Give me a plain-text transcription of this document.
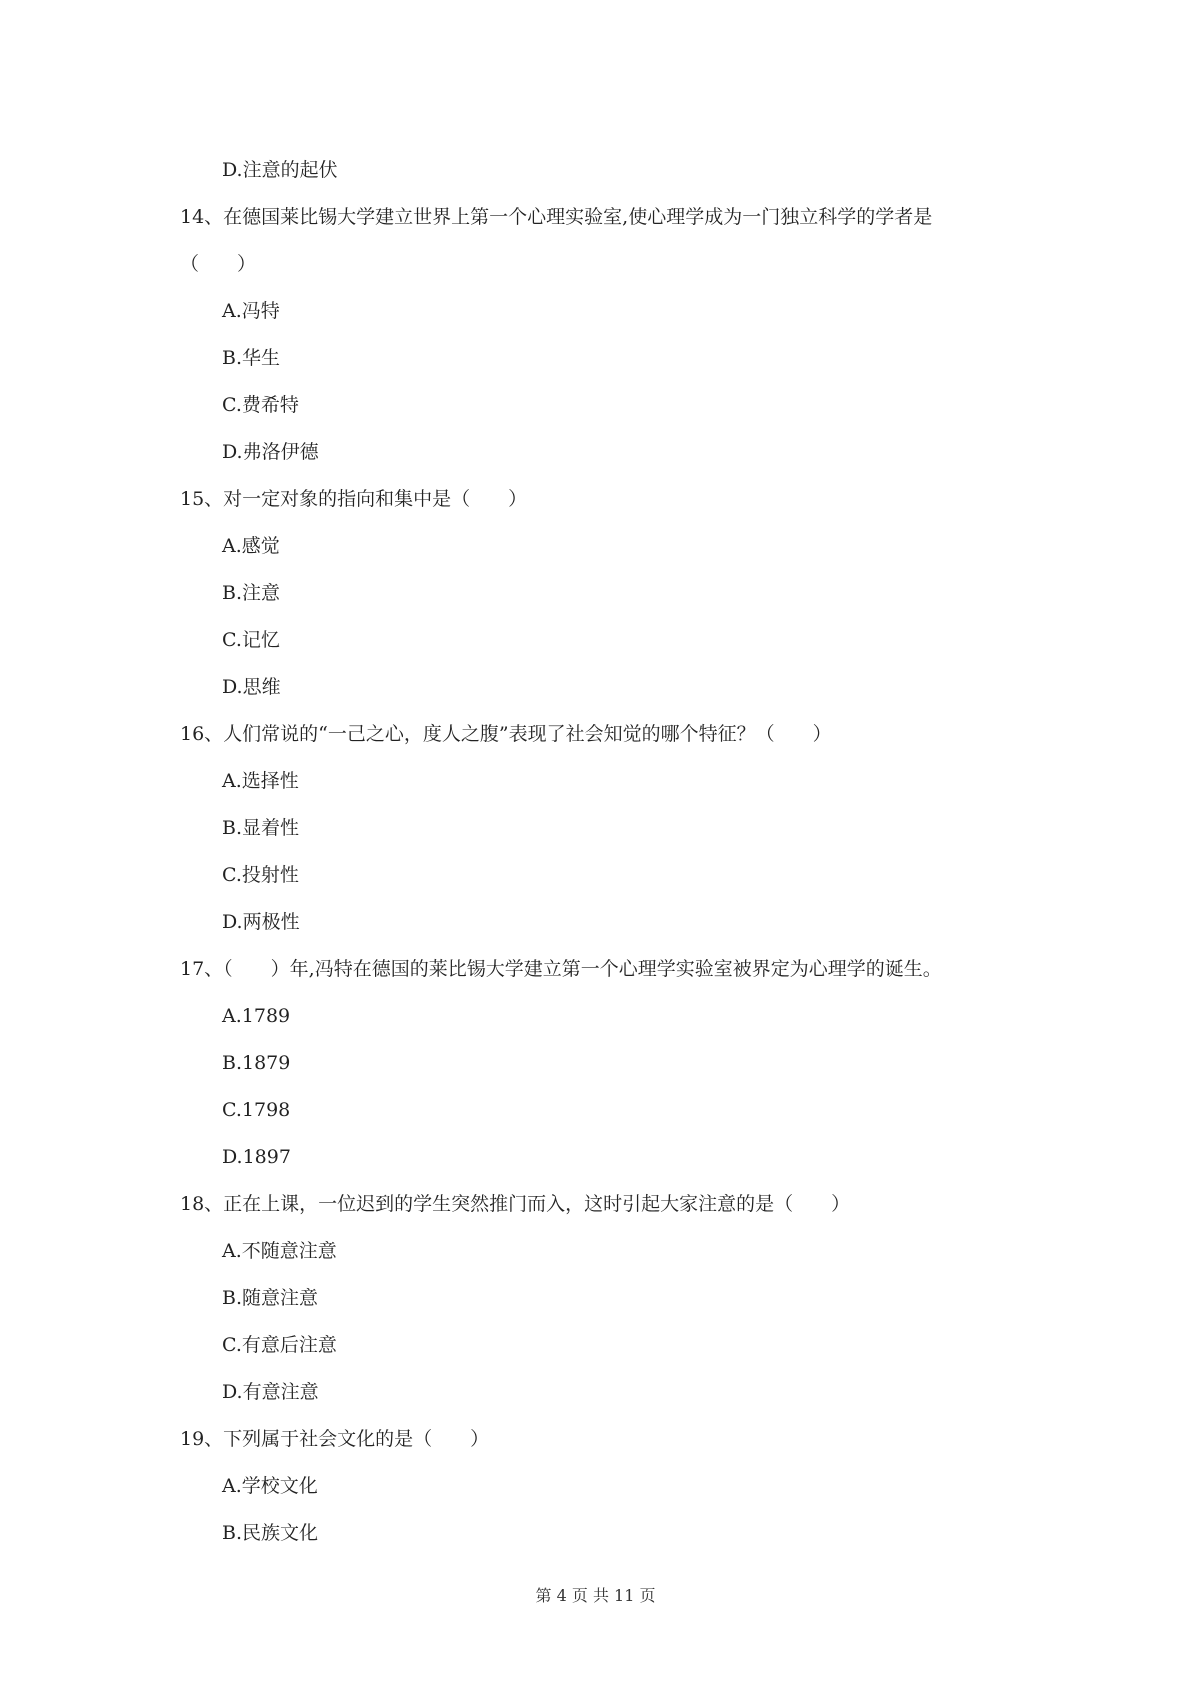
D.注意的起伏
14、在德国莱比锡大学建立世界上第一个心理实验室,使心理学成为一门独立科学的学者是
（　　）
A.冯特
B.华生
C.费希特
D.弗洛伊德
15、对一定对象的指向和集中是（　　）
A.感觉
B.注意
C.记忆
D.思维
16、人们常说的“一己之心，度人之腹”表现了社会知觉的哪个特征？（　　）
A.选择性
B.显着性
C.投射性
D.两极性
17、（　　）年,冯特在德国的莱比锡大学建立第一个心理学实验室被界定为心理学的诞生。
A.1789
B.1879
C.1798
D.1897
18、正在上课，一位迟到的学生突然推门而入，这时引起大家注意的是（　　）
A.不随意注意
B.随意注意
C.有意后注意
D.有意注意
19、下列属于社会文化的是（　　）
A.学校文化
B.民族文化
第 4 页 共 11 页
